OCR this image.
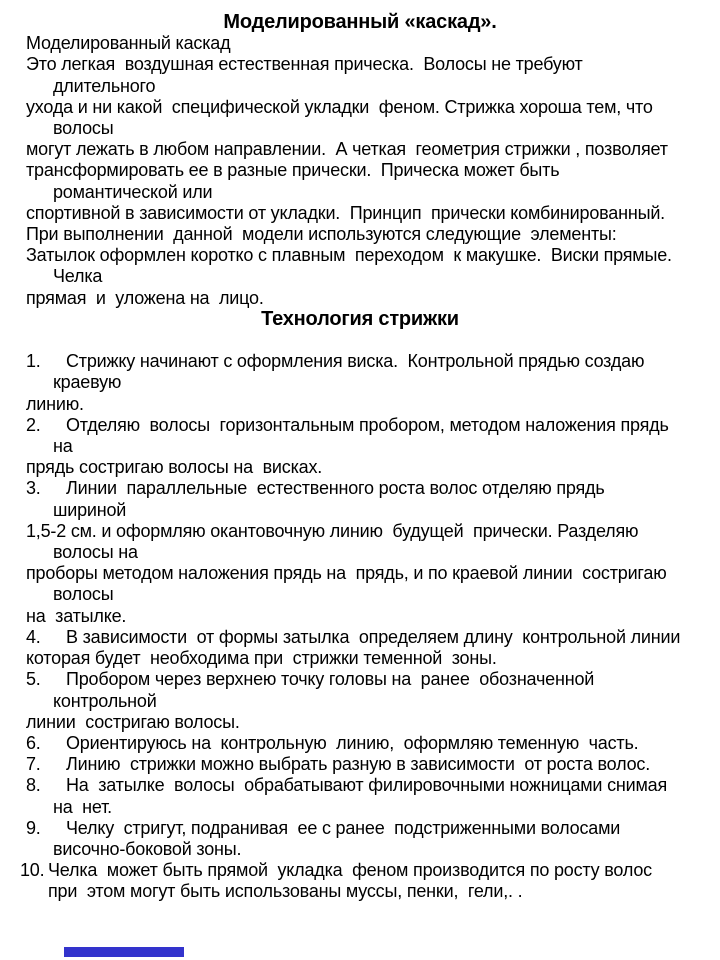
Моделированный «каскад».
Моделированный каскад
Это легкая  воздушная естественная прическа.  Волосы не требуют
длительного
ухода и ни какой  специфической укладки  феном. Стрижка хороша тем, что
волосы
могут лежать в любом направлении.  А четкая  геометрия стрижки , позволяет
трансформировать ее в разные прически.  Прическа может быть
романтической или
спортивной в зависимости от укладки.  Принцип  прически комбинированный.
При выполнении  данной  модели используются следующие  элементы:
Затылок оформлен коротко с плавным  переходом  к макушке.  Виски прямые.
Челка
прямая  и  уложена на  лицо.
Технология стрижки

1. Стрижку начинают с оформления виска.  Контрольной прядью создаю
краевую
линию.
2. Отделяю  волосы  горизонтальным пробором, методом наложения прядь
на
прядь состригаю волосы на  висках.
3. Линии  параллельные  естественного роста волос отделяю прядь
шириной
1,5-2 см. и оформляю окантовочную линию  будущей  прически. Разделяю
волосы на
проборы методом наложения прядь на  прядь, и по краевой линии  состригаю
волосы
на  затылке.
4. В зависимости  от формы затылка  определяем длину  контрольной линии
которая будет  необходима при  стрижки теменной  зоны.
5. Пробором через верхнею точку головы на  ранее  обозначенной
контрольной
линии  состригаю волосы.
6. Ориентируюсь на  контрольную  линию,  оформляю теменную  часть.
7. Линию  стрижки можно выбрать разную в зависимости  от роста волос.
8. На  затылке  волосы  обрабатывают филировочными ножницами снимая
на  нет.
9. Челку  стригут, подранивая  ее с ранее  подстриженными волосами
височно-боковой зоны.
10. Челка  может быть прямой  укладка  феном производится по росту волос
при  этом могут быть использованы муссы, пенки,  гели,. .
